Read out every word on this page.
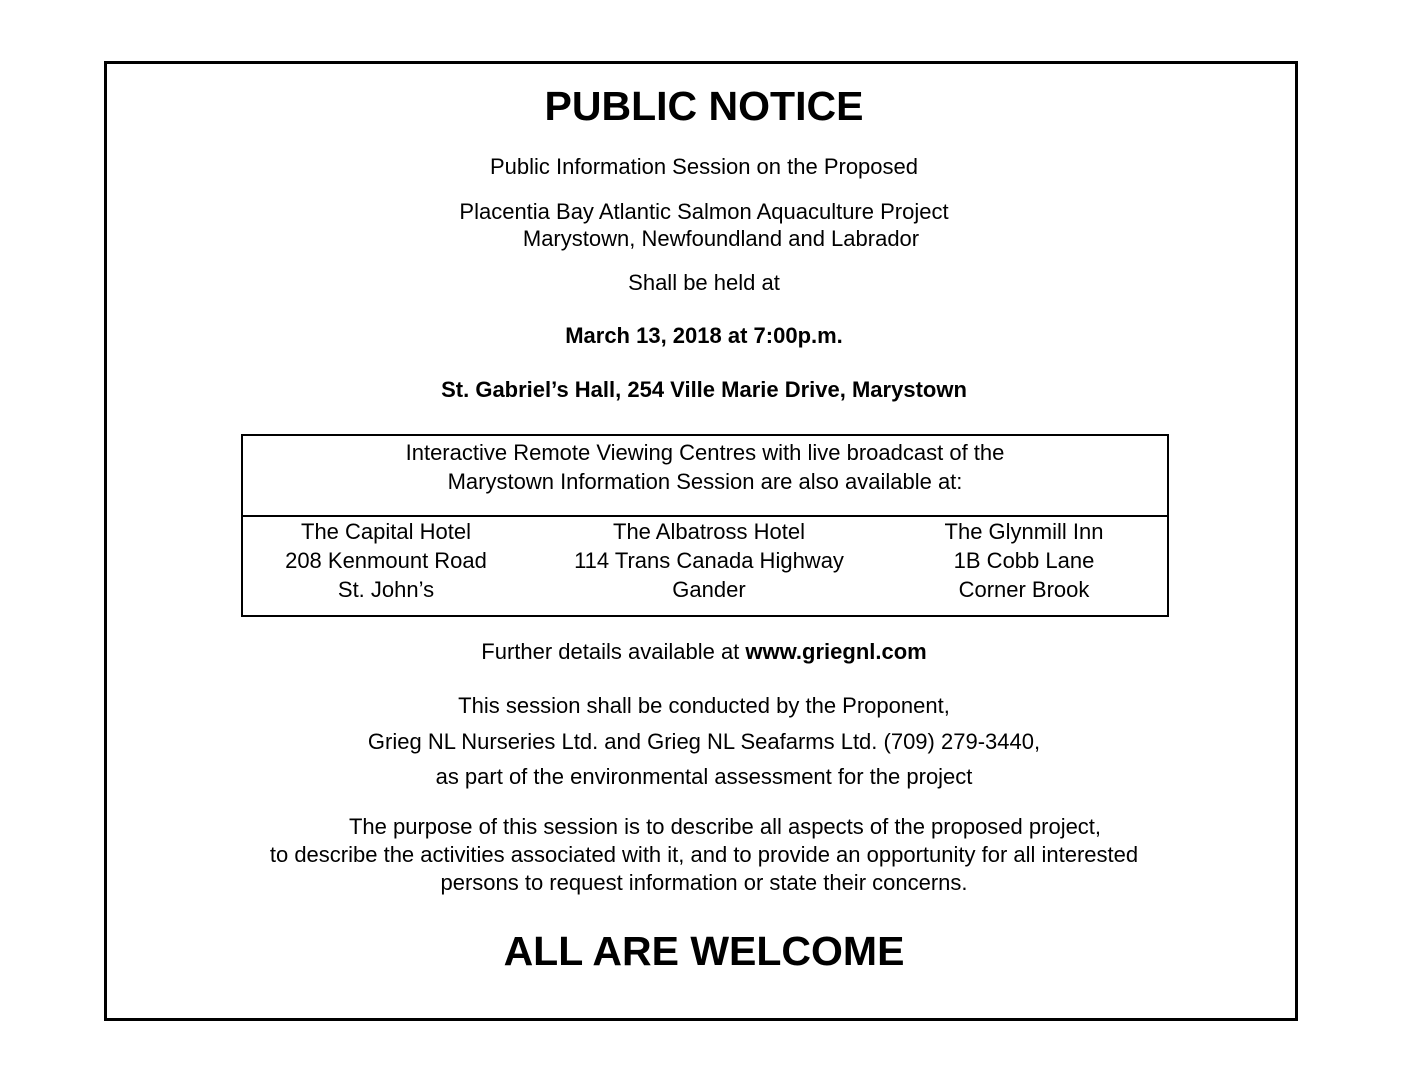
PUBLIC NOTICE
Public Information Session on the Proposed
Placentia Bay Atlantic Salmon Aquaculture Project
Marystown, Newfoundland and Labrador
Shall be held at
March 13, 2018 at 7:00p.m.
St. Gabriel’s Hall, 254 Ville Marie Drive, Marystown
Interactive Remote Viewing Centres with live broadcast of the
Marystown Information Session are also available at:
The Capital Hotel
208 Kenmount Road
St. John’s
The Albatross Hotel
114 Trans Canada Highway
Gander
The Glynmill Inn
1B Cobb Lane
Corner Brook
Further details available at www.griegnl.com
This session shall be conducted by the Proponent,
Grieg NL Nurseries Ltd. and Grieg NL Seafarms Ltd. (709) 279-3440,
as part of the environmental assessment for the project
The purpose of this session is to describe all aspects of the proposed project,
to describe the activities associated with it, and to provide an opportunity for all interested
persons to request information or state their concerns.
ALL ARE WELCOME
